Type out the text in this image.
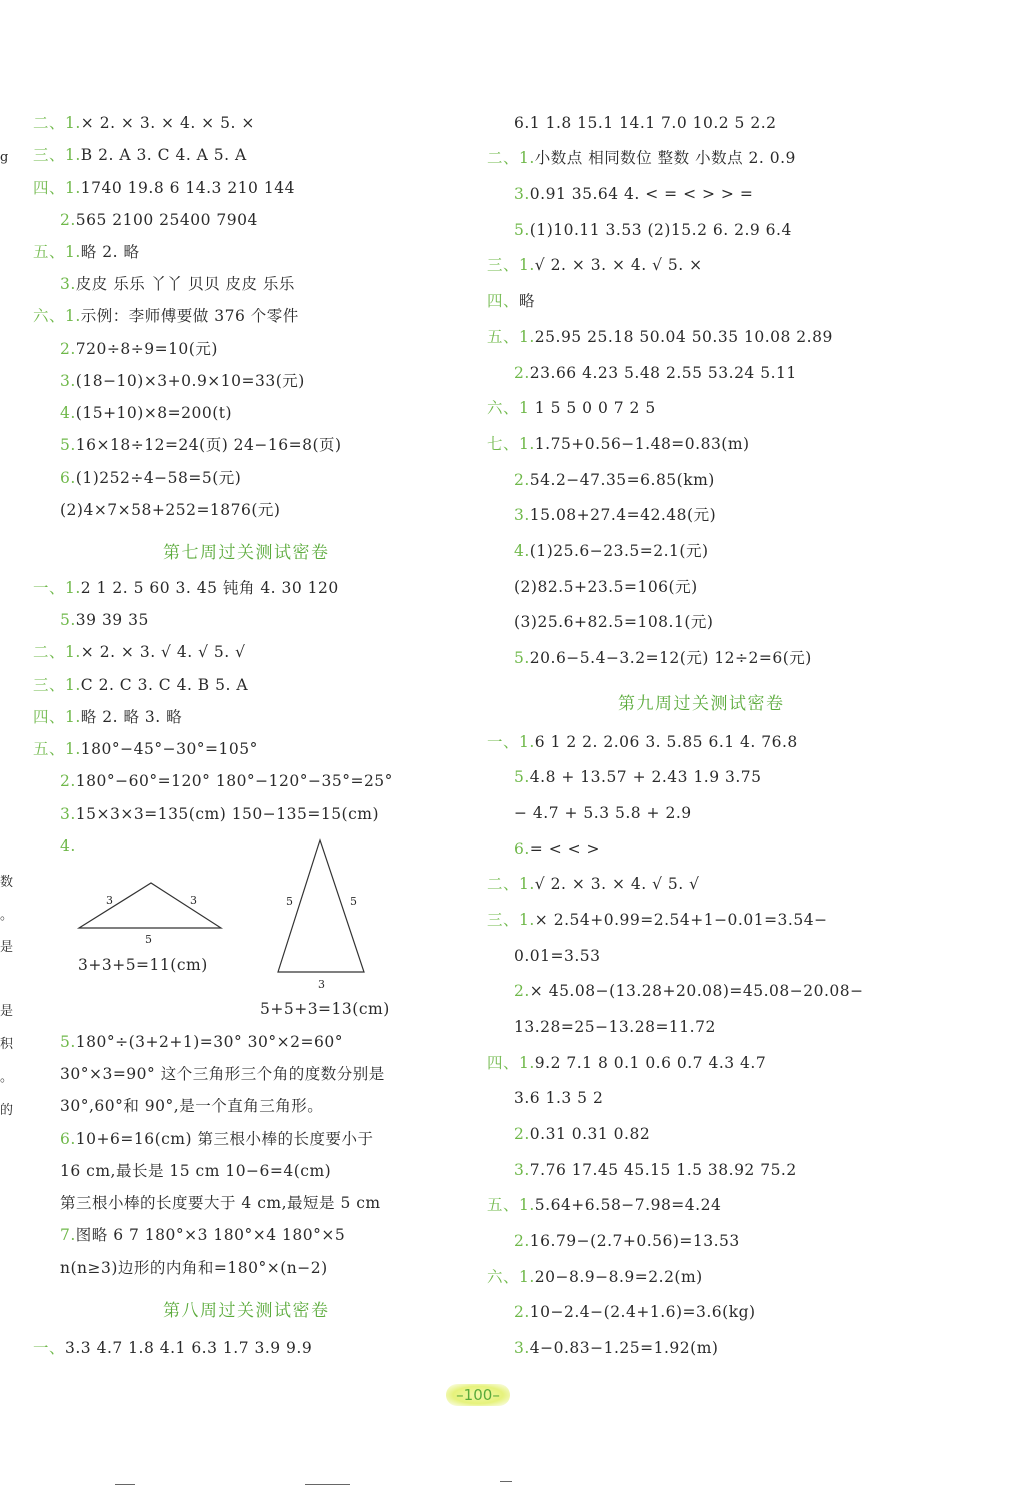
g
数
。
是
是
积
。
的
二、1.× 2. × 3. × 4. × 5. ×
三、1.B 2. A 3. C 4. A 5. A
四、1.1740 19.8 6 14.3 210 144
2.565 2100 25400 7904
五、1.略 2. 略
3.皮皮 乐乐 丫丫 贝贝 皮皮 乐乐
六、1.示例：李师傅要做 376 个零件
2.720÷8÷9=10(元)
3.(18−10)×3+0.9×10=33(元)
4.(15+10)×8=200(t)
5.16×18÷12=24(页) 24−16=8(页)
6.(1)252÷4−58=5(元)
(2)4×7×58+252=1876(元)
第七周过关测试密卷
一、1.2 1 2. 5 60 3. 45 钝角 4. 30 120
5.39 39 35
二、1.× 2. × 3. √ 4. √ 5. √
三、1.C 2. C 3. C 4. B 5. A
四、1.略 2. 略 3. 略
五、1.180°−45°−30°=105°
2.180°−60°=120° 180°−120°−35°=25°
3.15×3×3=135(cm) 150−135=15(cm)
4.
3	3
5
3+3+5=11(cm)
5	5
3
5+5+3=13(cm)
5.180°÷(3+2+1)=30° 30°×2=60°
30°×3=90° 这个三角形三个角的度数分别是
30°,60°和 90°,是一个直角三角形。
6.10+6=16(cm) 第三根小棒的长度要小于
16 cm,最长是 15 cm 10−6=4(cm)
第三根小棒的长度要大于 4 cm,最短是 5 cm
7.图略 6 7 180°×3 180°×4 180°×5
n(n≥3)边形的内角和=180°×(n−2)
第八周过关测试密卷
一、3.3 4.7 1.8 4.1 6.3 1.7 3.9 9.9
6.1 1.8 15.1 14.1 7.0 10.2 5 2.2
二、1.小数点 相同数位 整数 小数点 2. 0.9
3.0.91 35.64 4. < = < > > =
5.(1)10.11 3.53 (2)15.2 6. 2.9 6.4
三、1.√ 2. × 3. × 4. √ 5. ×
四、略
五、1.25.95 25.18 50.04 50.35 10.08 2.89
2.23.66 4.23 5.48 2.55 53.24 5.11
六、1 1 5 5 0 0 7 2 5
七、1.1.75+0.56−1.48=0.83(m)
2.54.2−47.35=6.85(km)
3.15.08+27.4=42.48(元)
4.(1)25.6−23.5=2.1(元)
(2)82.5+23.5=106(元)
(3)25.6+82.5=108.1(元)
5.20.6−5.4−3.2=12(元) 12÷2=6(元)
第九周过关测试密卷
一、1.6 1 2 2. 2.06 3. 5.85 6.1 4. 76.8
5.4.8 + 13.57 + 2.43 1.9 3.75
− 4.7 + 5.3 5.8 + 2.9
6.= < < >
二、1.√ 2. × 3. × 4. √ 5. √
三、1.× 2.54+0.99=2.54+1−0.01=3.54−
0.01=3.53
2.× 45.08−(13.28+20.08)=45.08−20.08−
13.28=25−13.28=11.72
四、1.9.2 7.1 8 0.1 0.6 0.7 4.3 4.7
3.6 1.3 5 2
2.0.31 0.31 0.82
3.7.76 17.45 45.15 1.5 38.92 75.2
五、1.5.64+6.58−7.98=4.24
2.16.79−(2.7+0.56)=13.53
六、1.20−8.9−8.9=2.2(m)
2.10−2.4−(2.4+1.6)=3.6(kg)
3.4−0.83−1.25=1.92(m)
–100–
